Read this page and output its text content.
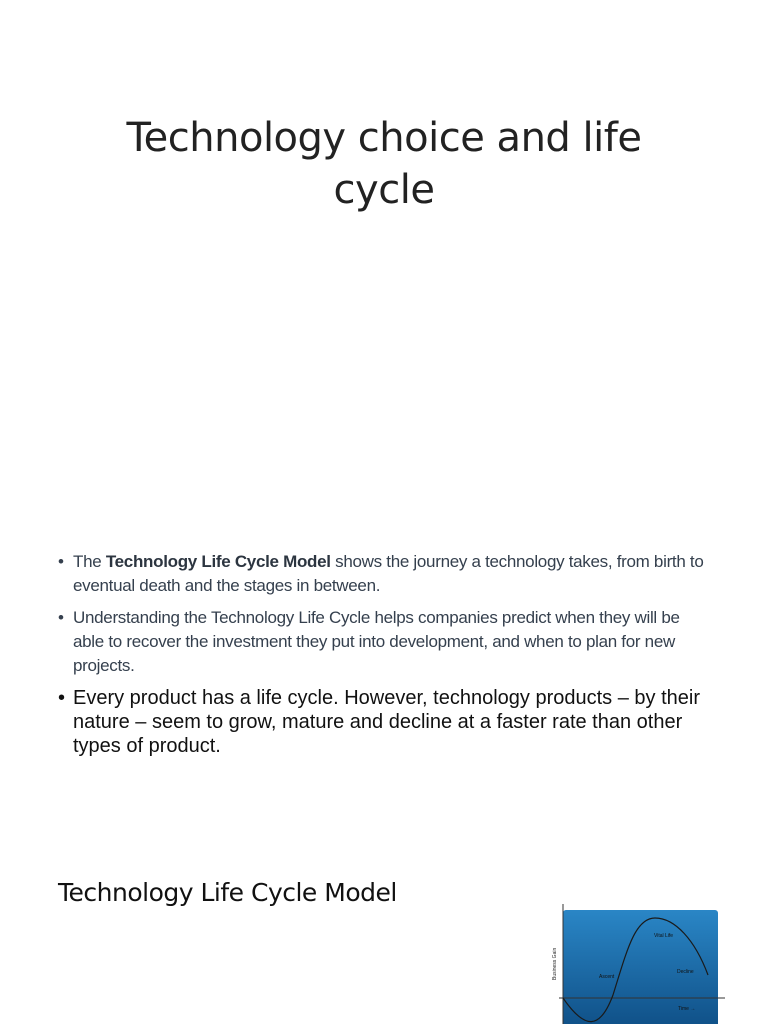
Technology choice and life cycle
• The Technology Life Cycle Model shows the journey a technology takes, from birth to eventual death and the stages in between.
• Understanding the Technology Life Cycle helps companies predict when they will be able to recover the investment they put into development, and when to plan for new projects.
• Every product has a life cycle. However, technology products – by their nature – seem to grow, mature and decline at a faster rate than other types of product.
Technology Life Cycle Model
Business Gain	Ascent
Vital Life
Decline
Time →
